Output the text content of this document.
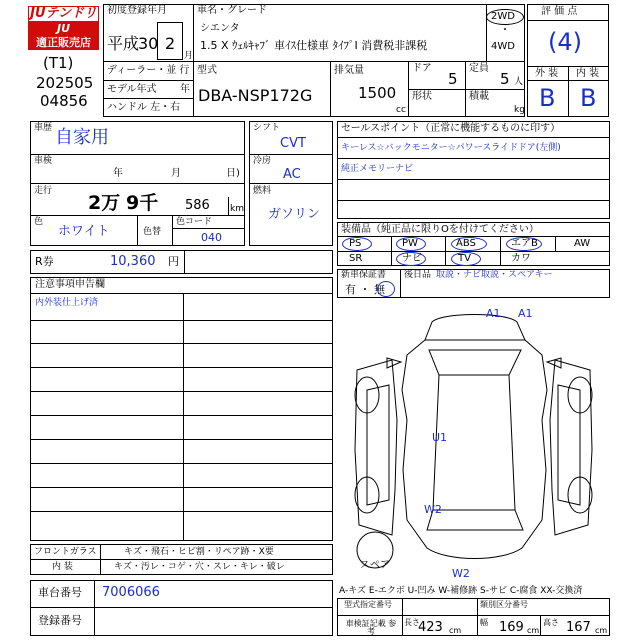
JUテンドリ
JU
適正販売店
(T1)
202505
04856
初度登録年月
平成
30 2
月
車名・グレード
シエンタ
1.5 X ｳｪﾙｷｬﾌﾞ 車ｲｽ仕様車 ﾀｲﾌﾟⅠ 消費税非課税
2WD
・
4WD
ディーラー・並 行
モデル年式 年
ハンドル 左・右
型式
DBA-NSP172G
排気量
1500
cc
ドア
5
定員
5 人
形状	積載
kg
評 価 点
(4)
外 装 内 装
B B
車歴 自家用
車検
年	月	日)
走行
2万 9千 586 km
色
ホワイト	色替
色コード
040
シフト
CVT
冷房
AC
燃料
ガソリン
R券	10,360 円
注意事項申告欄
内外装仕上げ済
フロントガラス	キズ・飛石・ヒビ割・リペア跡・X要
内 装	キズ・汚レ・コゲ・穴・スレ・キレ・破レ
車台番号 7006066
登録番号
セールスポイント（正常に機能するものに印す）
キーレス☆バックモニター☆パワースライドドア(左側)
純正メモリーナビ
装備品（純正品に限りΟを付けてください）
PS	PW	ABS	エアB	AW
SR	ナビ	TV	カワ
新車保証書
有 ・ 無
後日品 取説・ナビ取説・スペアキー
A1 A1
U1
W2
W2
スペア
A-キズ E-エクボ U-凹み W-補修跡 S-サビ C-腐食 XX-交換済
型式指定番号	類別区分番号
車検証記載 参 考
長さ
423 cm
幅 169 cm
高さ 167 cm
